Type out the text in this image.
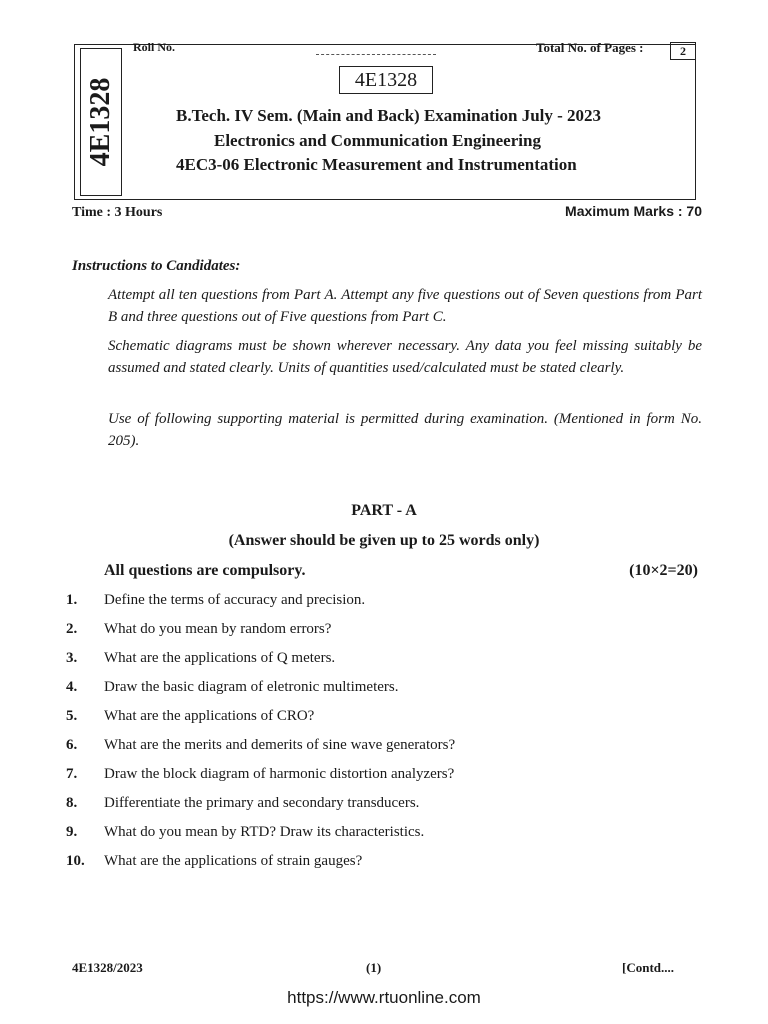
4E1328
Roll No.	Total No. of Pages :	2
4E1328
B.Tech. IV Sem. (Main and Back) Examination July - 2023
Electronics and Communication Engineering
4EC3-06 Electronic Measurement and Instrumentation
Time : 3 Hours	Maximum Marks : 70
Instructions to Candidates:
Attempt all ten questions from Part A. Attempt any five questions out of Seven questions from Part B and three questions out of Five questions from Part C.
Schematic diagrams must be shown wherever necessary. Any data you feel missing suitably be assumed and stated clearly. Units of quantities used/calculated must be stated clearly.
Use of following supporting material is permitted during examination. (Mentioned in form No. 205).
PART - A
(Answer should be given up to 25 words only)
All questions are compulsory.	(10×2=20)
1.	Define the terms of accuracy and precision.
2.	What do you mean by random errors?
3.	What are the applications of Q meters.
4.	Draw the basic diagram of eletronic multimeters.
5.	What are the applications of CRO?
6.	What are the merits and demerits of sine wave generators?
7.	Draw the block diagram of harmonic distortion analyzers?
8.	Differentiate the primary and secondary transducers.
9.	What do you mean by RTD? Draw its characteristics.
10.	What are the applications of strain gauges?
4E1328/2023	(1)	[Contd....
https://www.rtuonline.com
